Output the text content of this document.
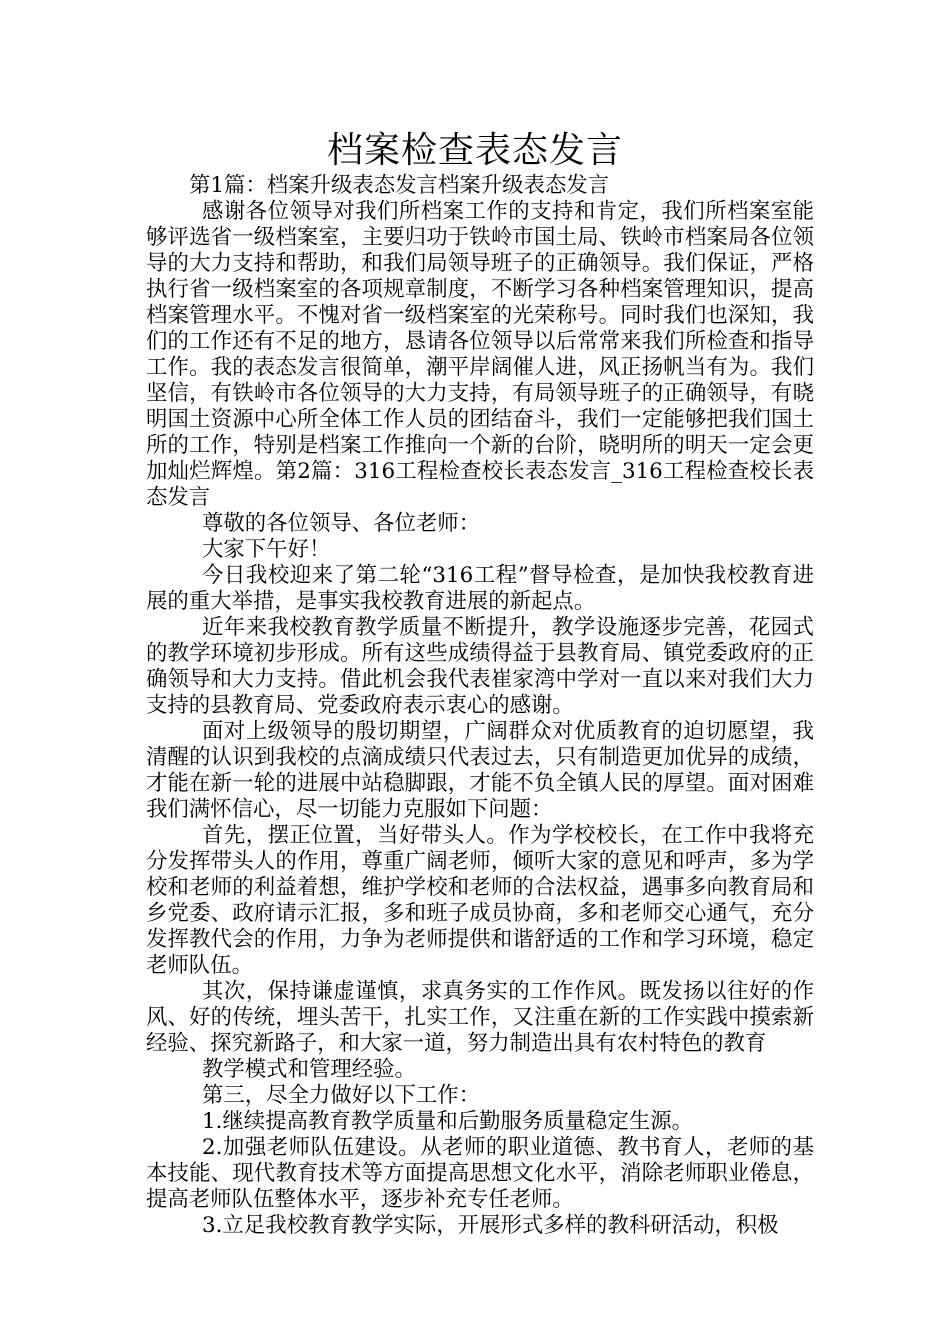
档案检查表态发言

第1篇：档案升级表态发言档案升级表态发言

感谢各位领导对我们所档案工作的支持和肯定，我们所档案室能够评选省一级档案室，主要归功于铁岭市国土局、铁岭市档案局各位领导的大力支持和帮助，和我们局领导班子的正确领导。我们保证，严格执行省一级档案室的各项规章制度，不断学习各种档案管理知识，提高档案管理水平。不愧对省一级档案室的光荣称号。同时我们也深知，我们的工作还有不足的地方，恳请各位领导以后常常来我们所检查和指导工作。我的表态发言很简单，潮平岸阔催人进，风正扬帆当有为。我们坚信，有铁岭市各位领导的大力支持，有局领导班子的正确领导，有晓明国土资源中心所全体工作人员的团结奋斗，我们一定能够把我们国土所的工作，特别是档案工作推向一个新的台阶，晓明所的明天一定会更加灿烂辉煌。第2篇：316工程检查校长表态发言_316工程检查校长表态发言

尊敬的各位领导、各位老师：

大家下午好！

今日我校迎来了第二轮“316工程”督导检查，是加快我校教育进展的重大举措，是事实我校教育进展的新起点。

近年来我校教育教学质量不断提升，教学设施逐步完善，花园式的教学环境初步形成。所有这些成绩得益于县教育局、镇党委政府的正确领导和大力支持。借此机会我代表崔家湾中学对一直以来对我们大力支持的县教育局、党委政府表示衷心的感谢。

面对上级领导的殷切期望，广阔群众对优质教育的迫切愿望，我清醒的认识到我校的点滴成绩只代表过去，只有制造更加优异的成绩，才能在新一轮的进展中站稳脚跟，才能不负全镇人民的厚望。面对困难我们满怀信心，尽一切能力克服如下问题：

首先，摆正位置，当好带头人。作为学校校长，在工作中我将充分发挥带头人的作用，尊重广阔老师，倾听大家的意见和呼声，多为学校和老师的利益着想，维护学校和老师的合法权益，遇事多向教育局和乡党委、政府请示汇报，多和班子成员协商，多和老师交心通气，充分发挥教代会的作用，力争为老师提供和谐舒适的工作和学习环境，稳定老师队伍。

其次，保持谦虚谨慎，求真务实的工作作风。既发扬以往好的作风、好的传统，埋头苦干，扎实工作，又注重在新的工作实践中摸索新经验、探究新路子，和大家一道，努力制造出具有农村特色的教育

教学模式和管理经验。

第三，尽全力做好以下工作：

1.继续提高教育教学质量和后勤服务质量稳定生源。

2.加强老师队伍建设。从老师的职业道德、教书育人，老师的基本技能、现代教育技术等方面提高思想文化水平，消除老师职业倦息，提高老师队伍整体水平，逐步补充专任老师。

3.立足我校教育教学实际，开展形式多样的教科研活动，积极
